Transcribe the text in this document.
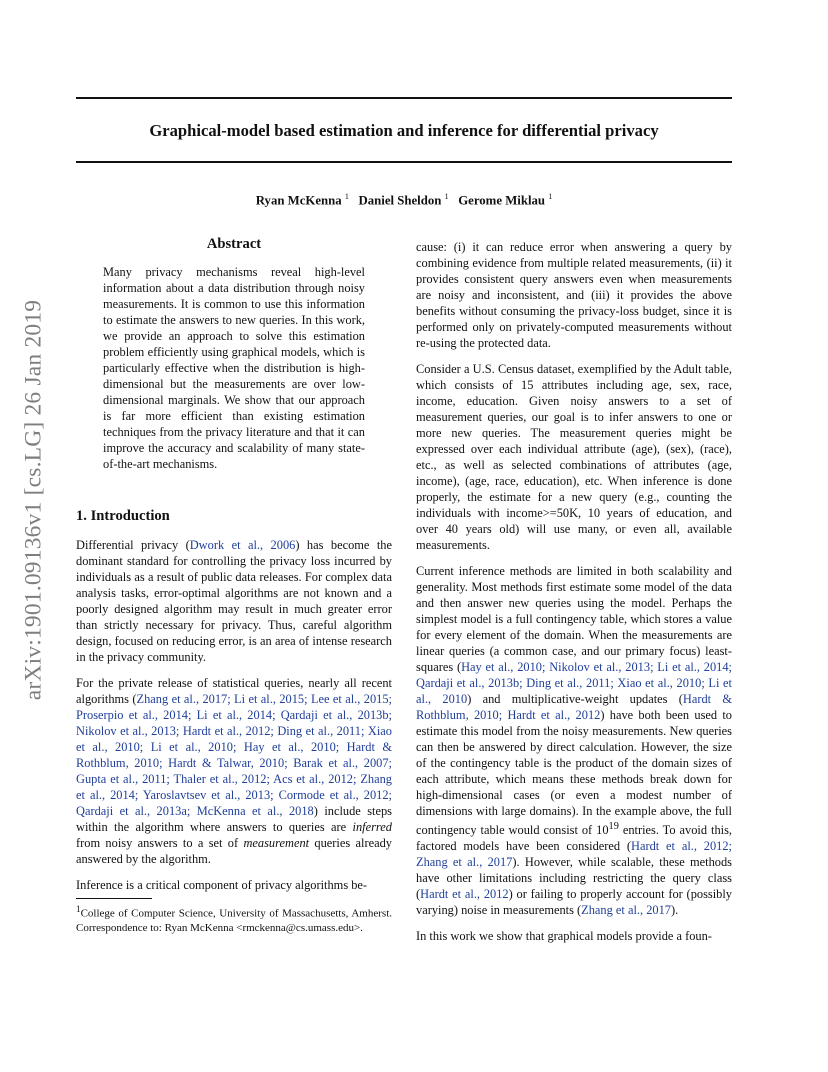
Graphical-model based estimation and inference for differential privacy
Ryan McKenna $^1$ Daniel Sheldon $^1$ Gerome Miklau $^1$
arXiv:1901.09136v1 [cs.LG] 26 Jan 2019
Abstract
Many privacy mechanisms reveal high-level information about a data distribution through noisy measurements. It is common to use this information to estimate the answers to new queries. In this work, we provide an approach to solve this estimation problem efficiently using graphical models, which is particularly effective when the distribution is high-dimensional but the measurements are over low-dimensional marginals. We show that our approach is far more efficient than existing estimation techniques from the privacy literature and that it can improve the accuracy and scalability of many state-of-the-art mechanisms.
1. Introduction

Differential privacy (Dwork et al., 2006) has become the dominant standard for controlling the privacy loss incurred by individuals as a result of public data releases. For complex data analysis tasks, error-optimal algorithms are not known and a poorly designed algorithm may result in much greater error than strictly necessary for privacy. Thus, careful algorithm design, focused on reducing error, is an area of intense research in the privacy community.

For the private release of statistical queries, nearly all recent algorithms (Zhang et al., 2017; Li et al., 2015; Lee et al., 2015; Proserpio et al., 2014; Li et al., 2014; Qardaji et al., 2013b; Nikolov et al., 2013; Hardt et al., 2012; Ding et al., 2011; Xiao et al., 2010; Li et al., 2010; Hay et al., 2010; Hardt & Rothblum, 2010; Hardt & Talwar, 2010; Barak et al., 2007; Gupta et al., 2011; Thaler et al., 2012; Acs et al., 2012; Zhang et al., 2014; Yaroslavtsev et al., 2013; Cormode et al., 2012; Qardaji et al., 2013a; McKenna et al., 2018) include steps within the algorithm where answers to queries are inferred from noisy answers to a set of measurement queries already answered by the algorithm.

Inference is a critical component of privacy algorithms be-

$^1$College of Computer Science, University of Massachusetts, Amherst. Correspondence to: Ryan McKenna <rmckenna@cs.umass.edu>.

cause: (i) it can reduce error when answering a query by combining evidence from multiple related measurements, (ii) it provides consistent query answers even when measurements are noisy and inconsistent, and (iii) it provides the above benefits without consuming the privacy-loss budget, since it is performed only on privately-computed measurements without re-using the protected data.

Consider a U.S. Census dataset, exemplified by the Adult table, which consists of 15 attributes including age, sex, race, income, education. Given noisy answers to a set of measurement queries, our goal is to infer answers to one or more new queries. The measurement queries might be expressed over each individual attribute (age), (sex), (race), etc., as well as selected combinations of attributes (age, income), (age, race, education), etc. When inference is done properly, the estimate for a new query (e.g., counting the individuals with income>=50K, 10 years of education, and over 40 years old) will use many, or even all, available measurements.

Current inference methods are limited in both scalability and generality. Most methods first estimate some model of the data and then answer new queries using the model. Perhaps the simplest model is a full contingency table, which stores a value for every element of the domain. When the measurements are linear queries (a common case, and our primary focus) least-squares (Hay et al., 2010; Nikolov et al., 2013; Li et al., 2014; Qardaji et al., 2013b; Ding et al., 2011; Xiao et al., 2010; Li et al., 2010) and multiplicative-weight updates (Hardt & Rothblum, 2010; Hardt et al., 2012) have both been used to estimate this model from the noisy measurements. New queries can then be answered by direct calculation. However, the size of the contingency table is the product of the domain sizes of each attribute, which means these methods break down for high-dimensional cases (or even a modest number of dimensions with large domains). In the example above, the full contingency table would consist of $10^{19}$ entries. To avoid this, factored models have been considered (Hardt et al., 2012; Zhang et al., 2017). However, while scalable, these methods have other limitations including restricting the query class (Hardt et al., 2012) or failing to properly account for (possibly varying) noise in measurements (Zhang et al., 2017).

In this work we show that graphical models provide a foun-
